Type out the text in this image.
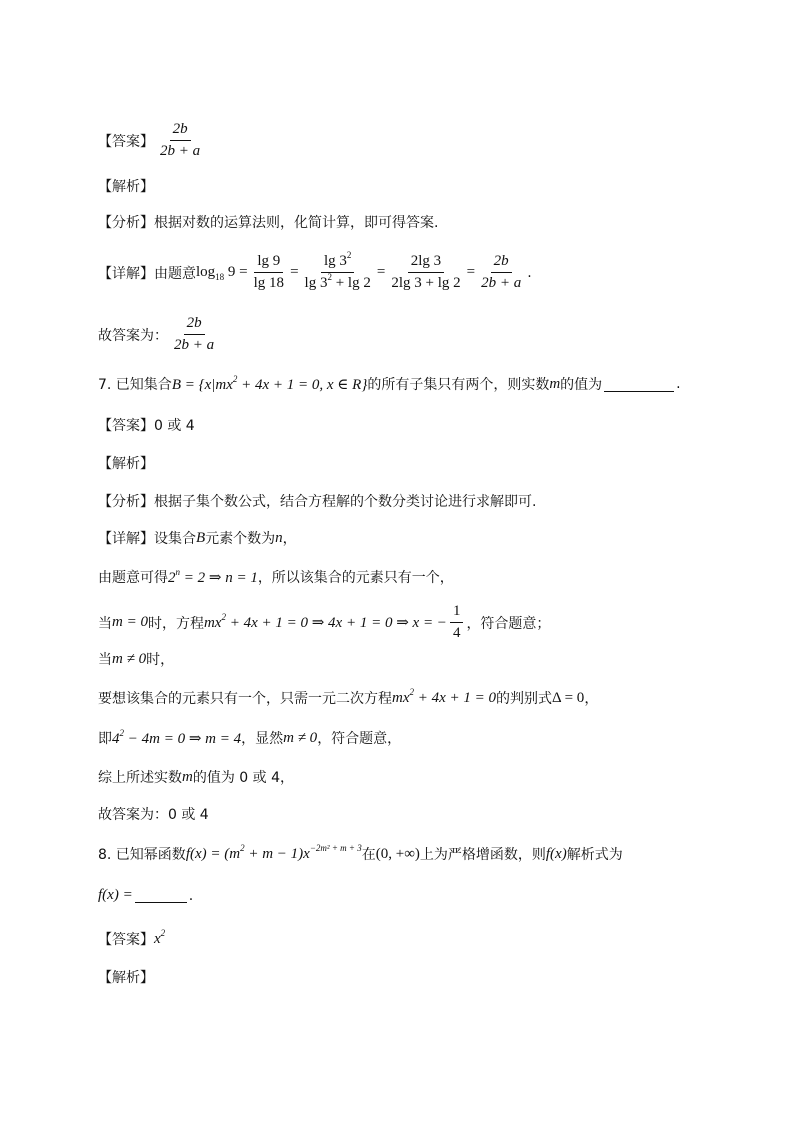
【答案】 $\frac{2b}{2b + a}$
【解析】
【分析】 根据对数的运算法则，化简计算，即可得答案.
【详解】 由题意 $\log_{18} 9 = \frac{\lg 9}{\lg 18} = \frac{\lg 3^2}{\lg 3^2 + \lg 2} = \frac{2\lg 3}{2\lg 3 + \lg 2} = \frac{2b}{2b + a}$ .
故答案为： $\frac{2b}{2b + a}$
7. 已知集合 $B = \{x|mx^2 + 4x + 1 = 0$, x ∈ R} 的所有子集只有两个，则实数 m 的值为	.
【答案】 0 或 4
【解析】
【分析】 根据子集个数公式，结合方程解的个数分类讨论进行求解即可.
【详解】 设集合 B 元素个数为 n ，
由题意可得 $2^n = 2$ ⇒ n = 1 ，所以该集合的元素只有一个，
当 m = 0 时，方程 $mx^2 + 4x + 1 = 0$ ⇒ 4x + 1 = 0 ⇒ x = − $\frac{1}{4}$ ，符合题意；
当 m ≠ 0 时，
要想该集合的元素只有一个，只需一元二次方程 $mx^2 + 4x + 1 = 0$ 的判别式 Δ = 0 ，
即 $4^2 - 4m = 0$ ⇒ m = 4 ，显然 m ≠ 0 ，符合题意，
综上所述实数 m 的值为 0 或 4，
故答案为：0 或 4
8. 已知幂函数 $f(x) = (m^2 + m - 1)x^{-2m^2 + m + 3}$ 在 (0, +∞) 上为严格增函数，则 f(x) 解析式为
f(x) =	.
【答案】 $x^2$
【解析】
